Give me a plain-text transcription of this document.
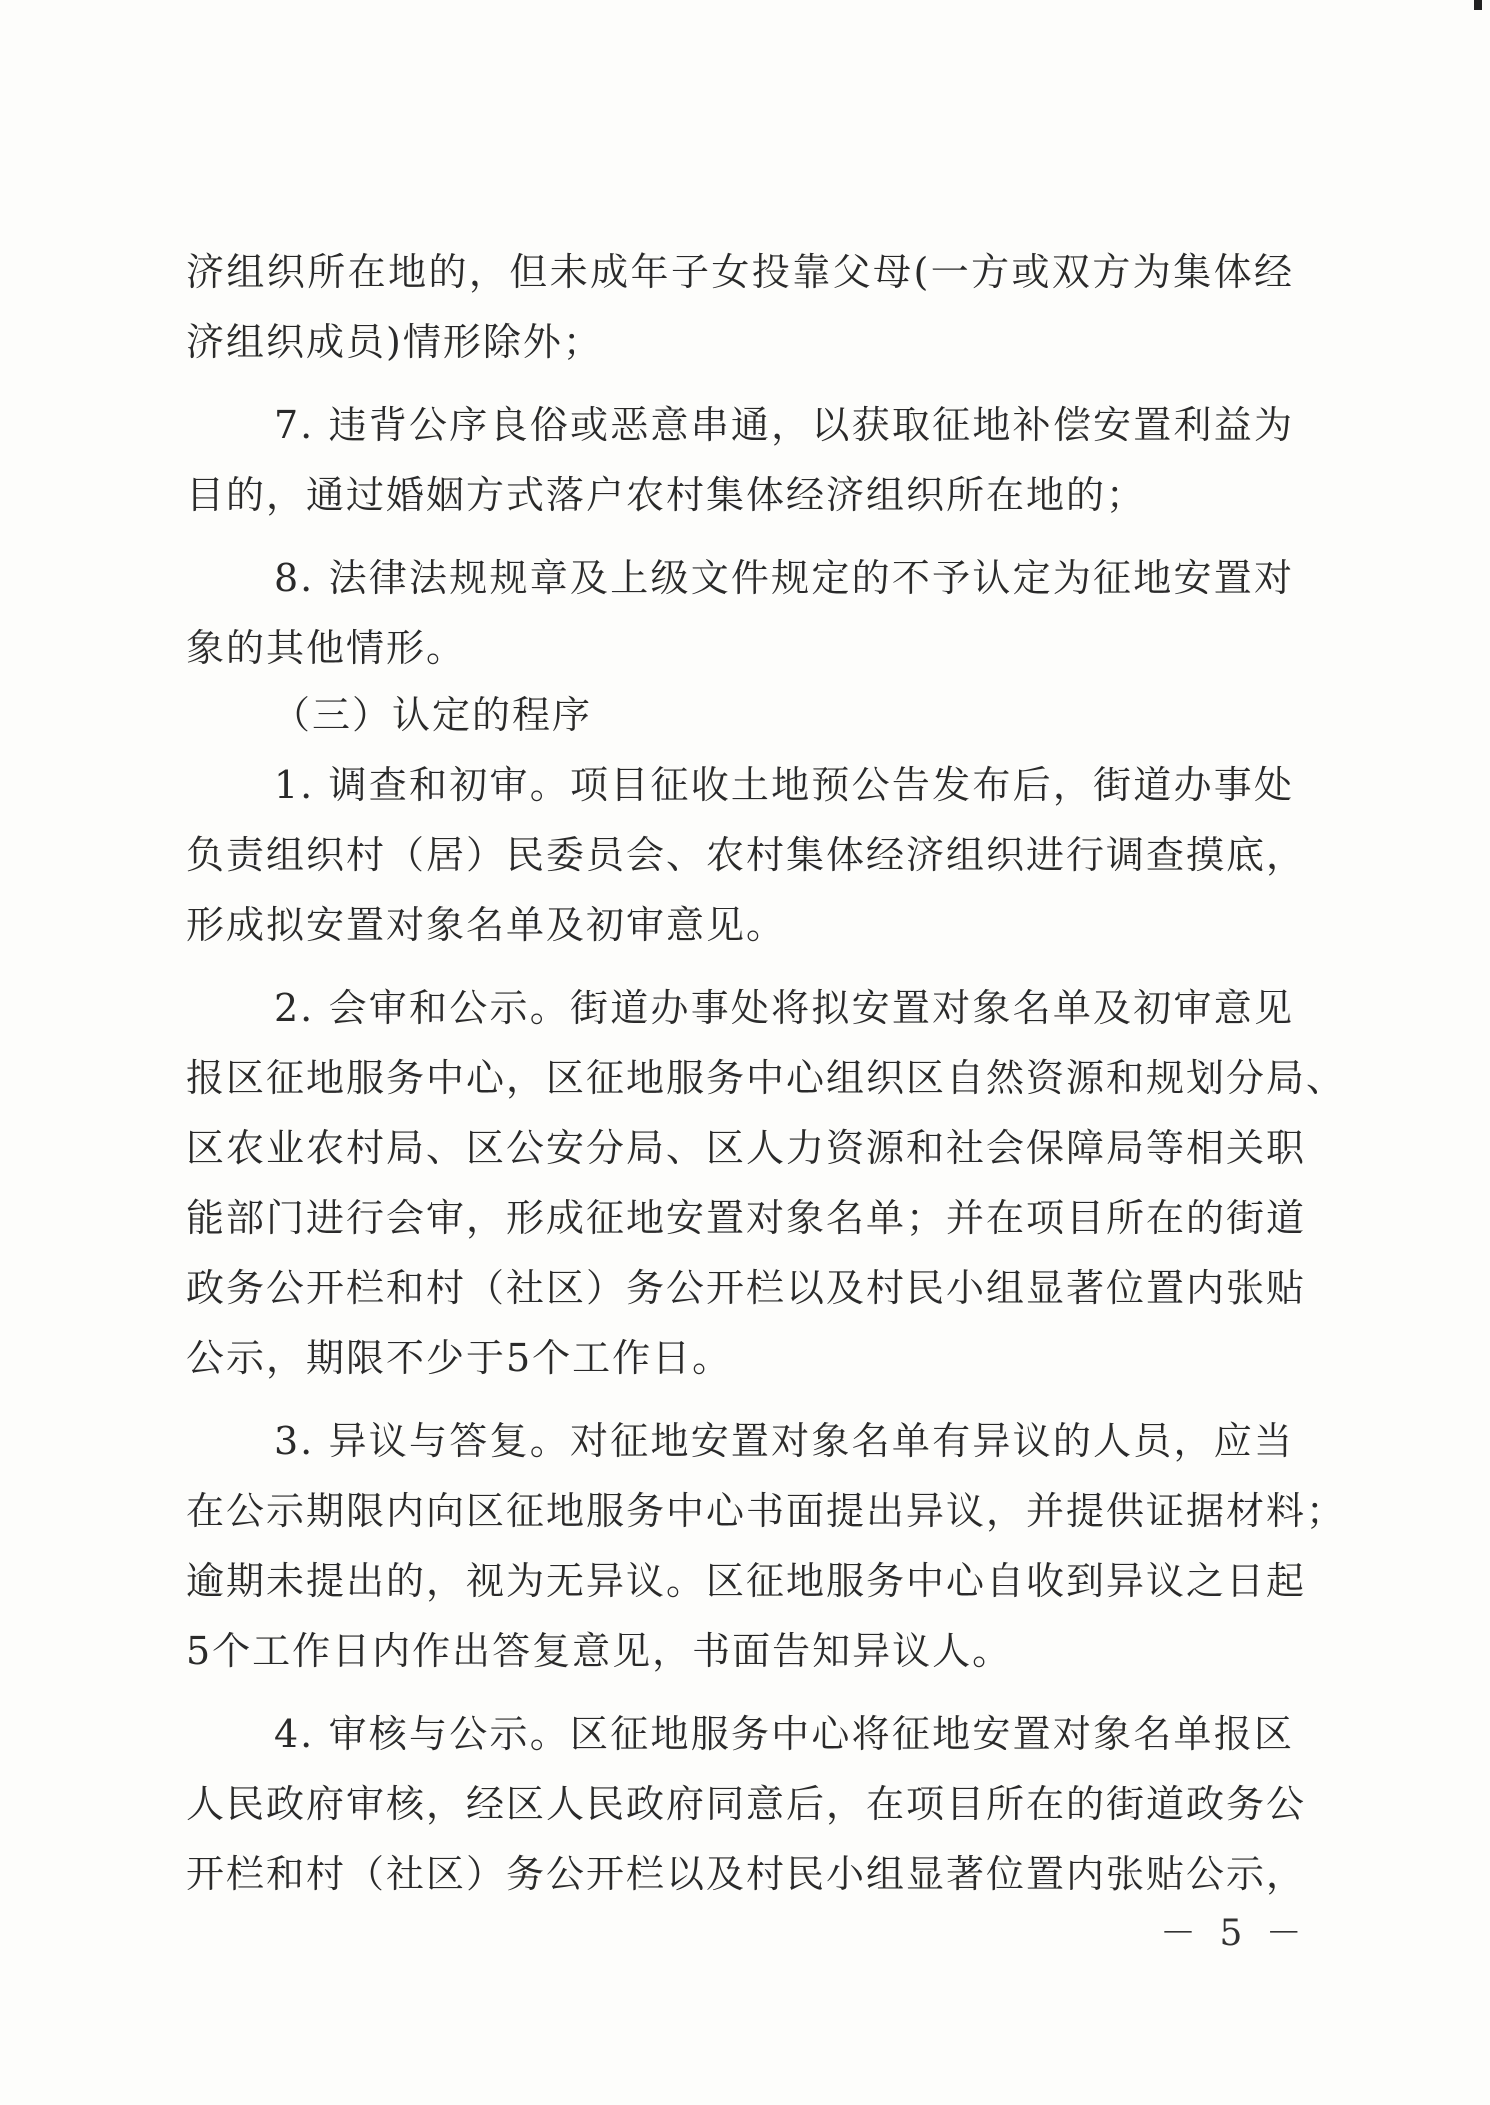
济组织所在地的，但未成年子女投靠父母(一方或双方为集体经
济组织成员)情形除外；
7. 违背公序良俗或恶意串通，以获取征地补偿安置利益为
目的，通过婚姻方式落户农村集体经济组织所在地的；
8. 法律法规规章及上级文件规定的不予认定为征地安置对
象的其他情形。
（三）认定的程序
1. 调查和初审。项目征收土地预公告发布后，街道办事处
负责组织村（居）民委员会、农村集体经济组织进行调查摸底，
形成拟安置对象名单及初审意见。
2. 会审和公示。街道办事处将拟安置对象名单及初审意见
报区征地服务中心，区征地服务中心组织区自然资源和规划分局、
区农业农村局、区公安分局、区人力资源和社会保障局等相关职
能部门进行会审，形成征地安置对象名单；并在项目所在的街道
政务公开栏和村（社区）务公开栏以及村民小组显著位置内张贴
公示，期限不少于5个工作日。
3. 异议与答复。对征地安置对象名单有异议的人员，应当
在公示期限内向区征地服务中心书面提出异议，并提供证据材料；
逾期未提出的，视为无异议。区征地服务中心自收到异议之日起
5个工作日内作出答复意见，书面告知异议人。
4. 审核与公示。区征地服务中心将征地安置对象名单报区
人民政府审核，经区人民政府同意后，在项目所在的街道政务公
开栏和村（社区）务公开栏以及村民小组显著位置内张贴公示，
－ 5 －
